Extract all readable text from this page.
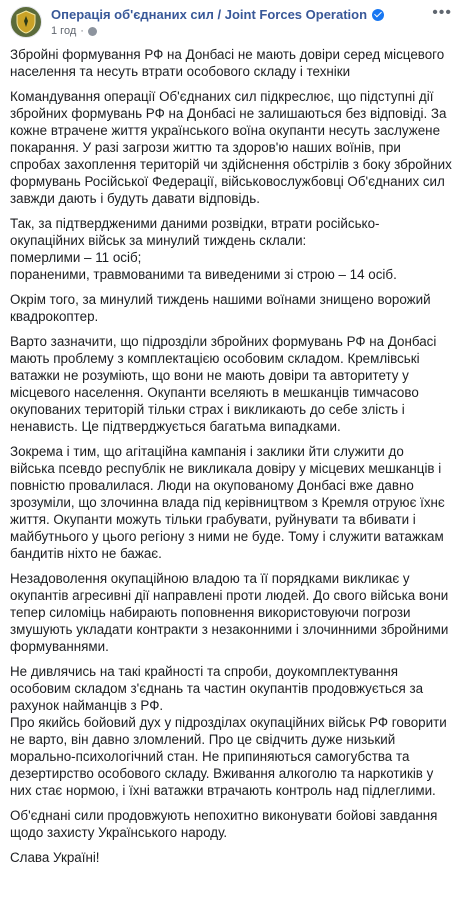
Операція об'єднаних сил / Joint Forces Operation
1 год ·
•••

Збройні формування РФ на Донбасі не мають довіри серед місцевого населення та несуть втрати особового складу і техніки

Командування операції Об'єднаних сил підкреслює, що підступні дії збройних формувань РФ на Донбасі не залишаються без відповіді. За кожне втрачене життя українського воїна окупанти несуть заслужене покарання. У разі загрози життю та здоров'ю наших воїнів, при спробах захоплення територій чи здійснення обстрілів з боку збройних формувань Російської Федерації, військовослужбовці Об'єднаних сил завжди дають і будуть давати відповідь.

Так, за підтвердженими даними розвідки, втрати російсько-окупаційних військ за минулий тиждень склали:
померлими – 11 осіб;
пораненими, травмованими та виведеними зі строю – 14 осіб.

Окрім того, за минулий тиждень нашими воїнами знищено ворожий квадрокоптер.

Варто зазначити, що підрозділи збройних формувань РФ на Донбасі мають проблему з комплектацією особовим складом. Кремлівські ватажки не розуміють, що вони не мають довіри та авторитету у місцевого населення. Окупанти вселяють в мешканців тимчасово окупованих територій тільки страх і викликають до себе злість і ненависть. Це підтверджується багатьма випадками.

Зокрема і тим, що агітаційна кампанія і заклики йти служити до війська псевдо республік не викликала довіру у місцевих мешканців і повністю провалилася. Люди на окупованому Донбасі вже давно зрозуміли, що злочинна влада під керівництвом з Кремля отруює їхнє життя. Окупанти можуть тільки грабувати, руйнувати та вбивати і майбутнього у цього регіону з ними не буде. Тому і служити ватажкам бандитів ніхто не бажає.

Незадоволення окупаційною владою та її порядками викликає у окупантів агресивні дії направлені проти людей. До свого війська вони тепер силоміць набирають поповнення використовуючи погрози змушують укладати контракти з незаконними і злочинними збройними формуваннями.

Не дивлячись на такі крайності та спроби, доукомплектування особовим складом з'єднань та частин окупантів продовжується за рахунок найманців з РФ.
Про якийсь бойовий дух у підрозділах окупаційних військ РФ говорити не варто, він давно зломлений. Про це свідчить дуже низький морально-психологічний стан. Не припиняються самогубства та дезертирство особового складу. Вживання алкоголю та наркотиків у них стає нормою, і їхні ватажки втрачають контроль над підлеглими.

Об'єднані сили продовжують непохитно виконувати бойові завдання щодо захисту Українського народу.

Слава Україні!
